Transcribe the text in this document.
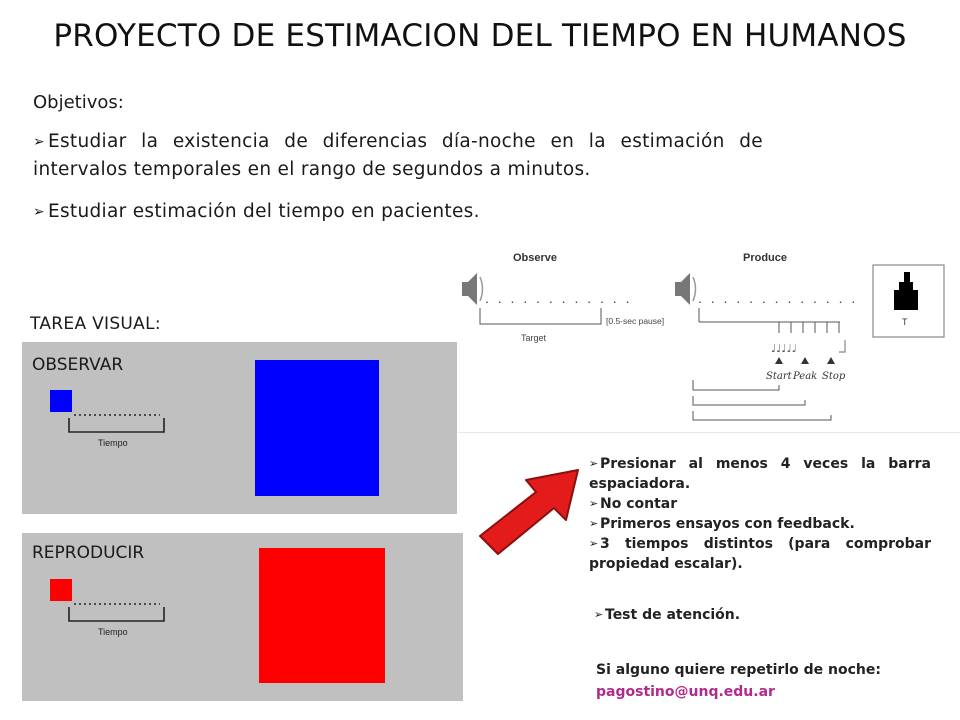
PROYECTO DE ESTIMACION DEL TIEMPO EN HUMANOS
Objetivos:
➢ Estudiar la existencia de diferencias día-noche en la estimación de intervalos temporales en el rango de segundos a minutos.
➢ Estudiar estimación del tiempo en pacientes.
Observe
. . . . . . . . . . . .
Target
[0.5-sec pause]
Produce
. . . . . . . . . . . . .
♩♩♩♩♩
Start Peak Stop
T
TAREA VISUAL:
OBSERVAR
Tiempo
REPRODUCIR
Tiempo
➢ Presionar al menos 4 veces la barra espaciadora.
➢ No contar
➢ Primeros ensayos con feedback.
➢ 3 tiempos distintos (para comprobar propiedad escalar).
➢ Test de atención.
Si alguno quiere repetirlo de noche:
pagostino@unq.edu.ar
